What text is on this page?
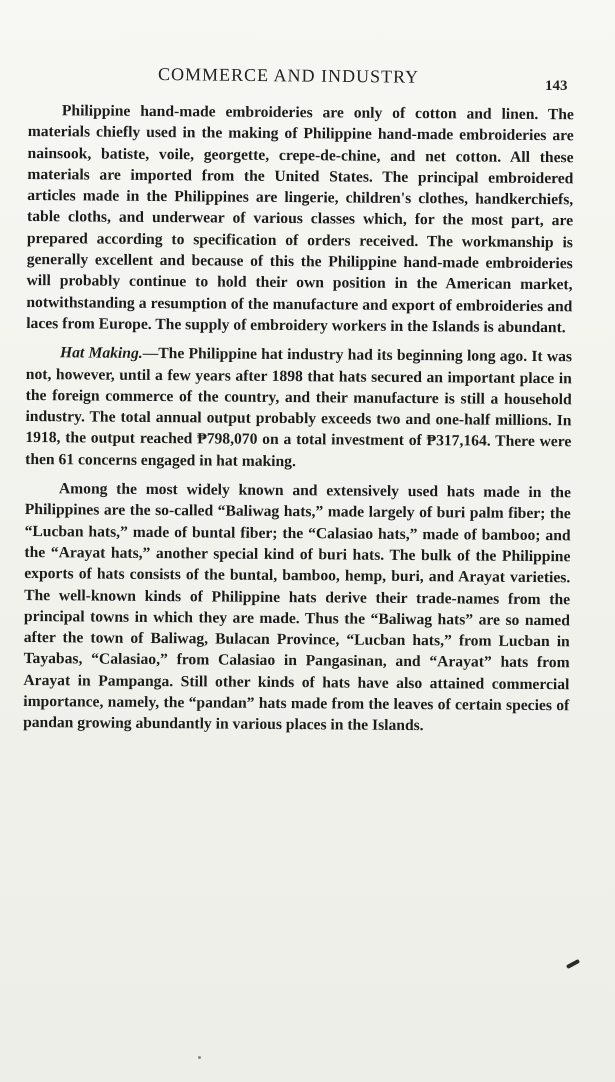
COMMERCE AND INDUSTRY	143

Philippine hand-made embroideries are only of cotton and linen. The materials chiefly used in the making of Philippine hand-made embroideries are nainsook, batiste, voile, georgette, crepe-de-chine, and net cotton. All these materials are imported from the United States. The principal embroidered articles made in the Philippines are lingerie, children's clothes, handkerchiefs, table cloths, and underwear of various classes which, for the most part, are prepared according to specification of orders received. The workmanship is generally excellent and because of this the Philippine hand-made embroideries will probably continue to hold their own position in the American market, notwithstanding a resumption of the manufacture and export of embroideries and laces from Europe. The supply of embroidery workers in the Islands is abundant.

Hat Making.—The Philippine hat industry had its beginning long ago. It was not, however, until a few years after 1898 that hats secured an important place in the foreign commerce of the country, and their manufacture is still a household industry. The total annual output probably exceeds two and one-half millions. In 1918, the output reached ₱798,070 on a total investment of ₱317,164. There were then 61 concerns engaged in hat making.

Among the most widely known and extensively used hats made in the Philippines are the so-called “Baliwag hats,” made largely of buri palm fiber; the “Lucban hats,” made of buntal fiber; the “Calasiao hats,” made of bamboo; and the “Arayat hats,” another special kind of buri hats. The bulk of the Philippine exports of hats consists of the buntal, bamboo, hemp, buri, and Arayat varieties. The well-known kinds of Philippine hats derive their trade-names from the principal towns in which they are made. Thus the “Baliwag hats” are so named after the town of Baliwag, Bulacan Province, “Lucban hats,” from Lucban in Tayabas, “Calasiao,” from Calasiao in Pangasinan, and “Arayat” hats from Arayat in Pampanga. Still other kinds of hats have also attained commercial importance, namely, the “pandan” hats made from the leaves of certain species of pandan growing abundantly in various places in the Islands.
